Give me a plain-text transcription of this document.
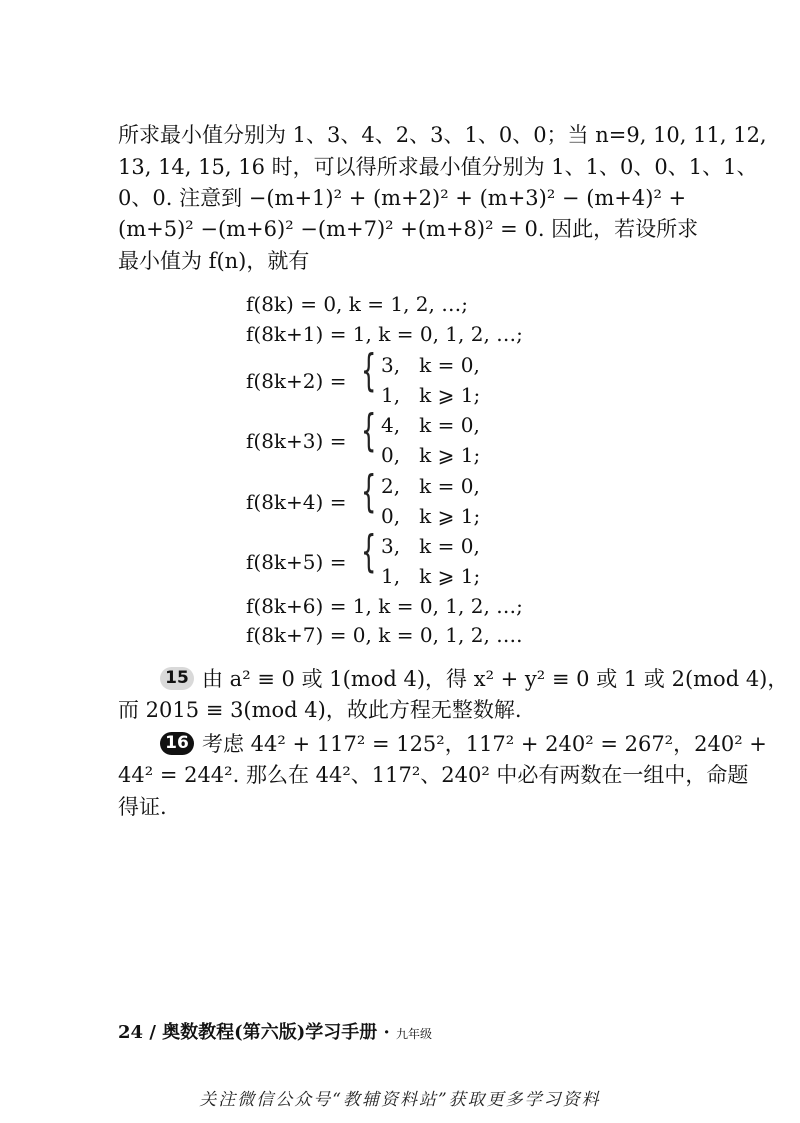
所求最小值分别为 1、3、4、2、3、1、0、0；当 n=9, 10, 11, 12,
13, 14, 15, 16 时，可以得所求最小值分别为 1、1、0、0、1、1、
0、0. 注意到 −(m+1)² + (m+2)² + (m+3)² − (m+4)² +
(m+5)² −(m+6)² −(m+7)² +(m+8)² = 0. 因此，若设所求
最小值为 f(n)，就有
f(8k) = 0, k = 1, 2, …;
f(8k+1) = 1, k = 0, 1, 2, …;
f(8k+2) = { 3,   k = 0,
1,   k ⩾ 1;
f(8k+3) = { 4,   k = 0,
0,   k ⩾ 1;
f(8k+4) = { 2,   k = 0,
0,   k ⩾ 1;
f(8k+5) = { 3,   k = 0,
1,   k ⩾ 1;
f(8k+6) = 1, k = 0, 1, 2, …;
f(8k+7) = 0, k = 0, 1, 2, ….
15 由 a² ≡ 0 或 1(mod 4)，得 x² + y² ≡ 0 或 1 或 2(mod 4)，
而 2015 ≡ 3(mod 4)，故此方程无整数解.
16 考虑 44² + 117² = 125²，117² + 240² = 267²，240² +
44² = 244². 那么在 44²、117²、240² 中必有两数在一组中，命题
得证.
24 / 奥数教程(第六版)学习手册 · 九年级
关注微信公众号“教辅资料站”获取更多学习资料
